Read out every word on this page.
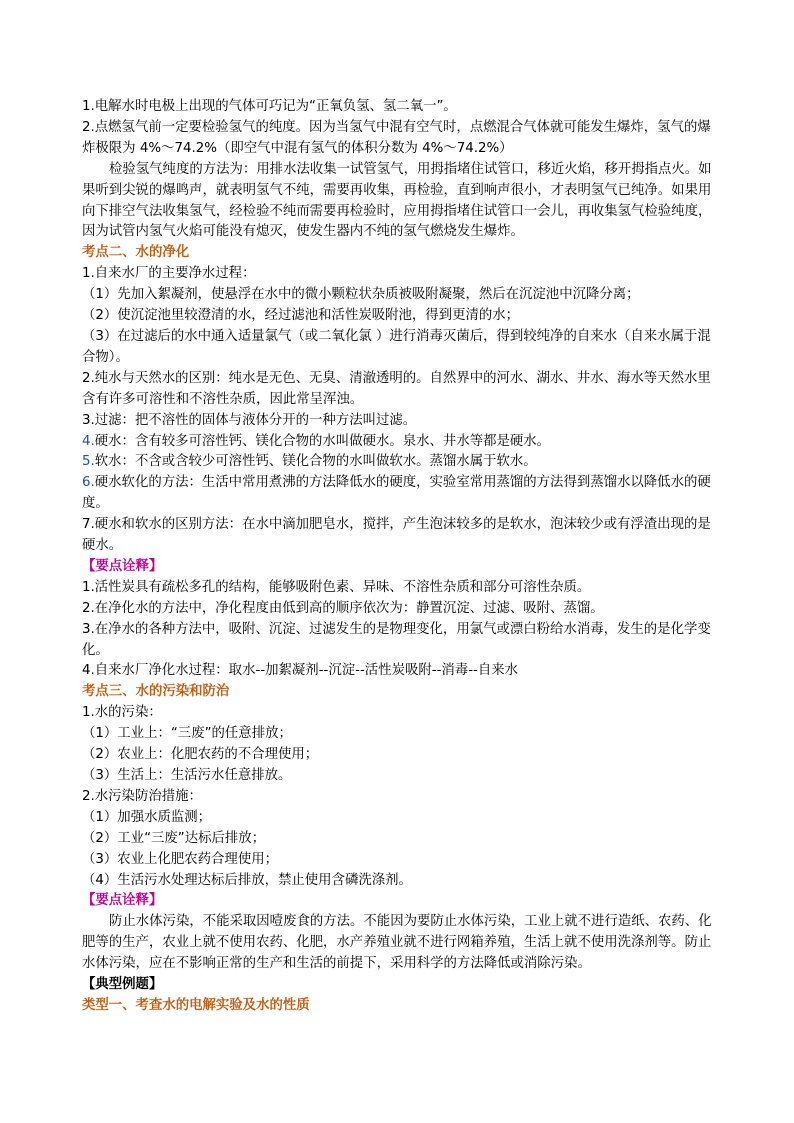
1.电解水时电极上出现的气体可巧记为“正氧负氢、氢二氧一”。

2.点燃氢气前一定要检验氢气的纯度。因为当氢气中混有空气时，点燃混合气体就可能发生爆炸，氢气的爆炸极限为 4%～74.2%（即空气中混有氢气的体积分数为 4%～74.2%）

检验氢气纯度的方法为：用排水法收集一试管氢气，用拇指堵住试管口，移近火焰，移开拇指点火。如果听到尖锐的爆鸣声，就表明氢气不纯，需要再收集，再检验，直到响声很小，才表明氢气已纯净。如果用向下排空气法收集氢气，经检验不纯而需要再检验时，应用拇指堵住试管口一会儿，再收集氢气检验纯度，因为试管内氢气火焰可能没有熄灭，使发生器内不纯的氢气燃烧发生爆炸。

考点二、水的净化

1.自来水厂的主要净水过程：

（1）先加入絮凝剂，使悬浮在水中的微小颗粒状杂质被吸附凝聚，然后在沉淀池中沉降分离；

（2）使沉淀池里较澄清的水，经过滤池和活性炭吸附池，得到更清的水；

（3）在过滤后的水中通入适量氯气（或二氧化氯 ）进行消毒灭菌后，得到较纯净的自来水（自来水属于混合物）。

2.纯水与天然水的区别：纯水是无色、无臭、清澈透明的。自然界中的河水、湖水、井水、海水等天然水里含有许多可溶性和不溶性杂质，因此常呈浑浊。

3.过滤：把不溶性的固体与液体分开的一种方法叫过滤。

4.硬水：含有较多可溶性钙、镁化合物的水叫做硬水。泉水、井水等都是硬水。

5.软水：不含或含较少可溶性钙、镁化合物的水叫做软水。蒸馏水属于软水。

6.硬水软化的方法：生活中常用煮沸的方法降低水的硬度，实验室常用蒸馏的方法得到蒸馏水以降低水的硬度。

7.硬水和软水的区别方法：在水中滴加肥皂水，搅拌，产生泡沫较多的是软水，泡沫较少或有浮渣出现的是硬水。

【要点诠释】

1.活性炭具有疏松多孔的结构，能够吸附色素、异味、不溶性杂质和部分可溶性杂质。

2.在净化水的方法中，净化程度由低到高的顺序依次为：静置沉淀、过滤、吸附、蒸馏。

3.在净水的各种方法中，吸附、沉淀、过滤发生的是物理变化，用氯气或漂白粉给水消毒，发生的是化学变化。

4.自来水厂净化水过程：取水--加絮凝剂--沉淀--活性炭吸附--消毒--自来水

考点三、水的污染和防治

1.水的污染：

（1）工业上：“三废”的任意排放；

（2）农业上：化肥农药的不合理使用；

（3）生活上：生活污水任意排放。

2.水污染防治措施：

（1）加强水质监测；

（2）工业“三废”达标后排放；

（3）农业上化肥农药合理使用；

（4）生活污水处理达标后排放，禁止使用含磷洗涤剂。

【要点诠释】

防止水体污染，不能采取因噎废食的方法。不能因为要防止水体污染，工业上就不进行造纸、农药、化肥等的生产，农业上就不使用农药、化肥，水产养殖业就不进行网箱养殖，生活上就不使用洗涤剂等。防止水体污染，应在不影响正常的生产和生活的前提下，采用科学的方法降低或消除污染。

【典型例题】

类型一、考查水的电解实验及水的性质
